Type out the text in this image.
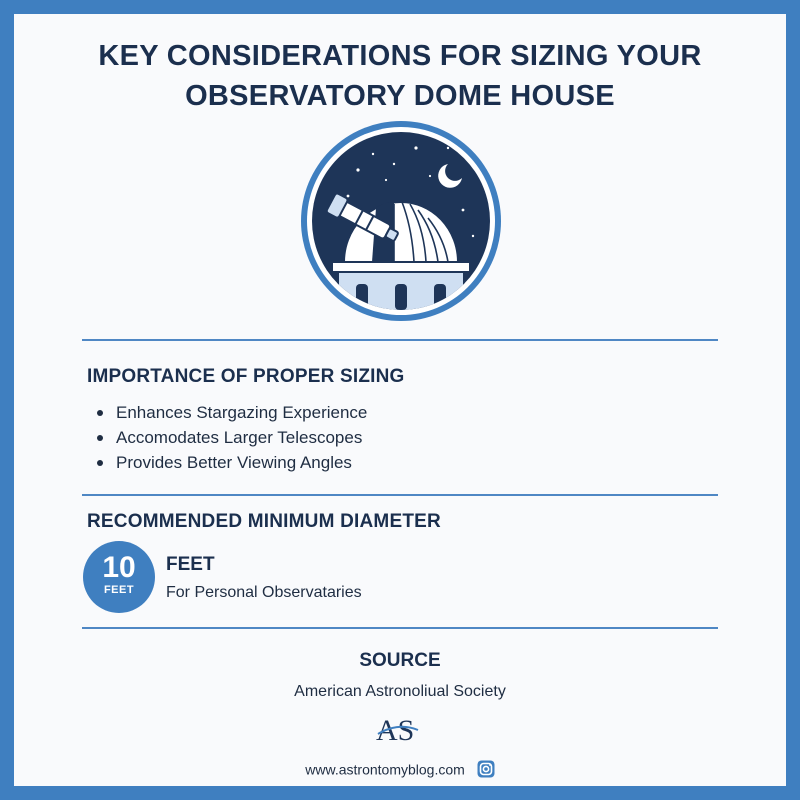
KEY CONSIDERATIONS FOR SIZING YOUR
OBSERVATORY DOME HOUSE
IMPORTANCE OF PROPER SIZING
Enhances Stargazing Experience
Accomodates Larger Telescopes
Provides Better Viewing Angles
RECOMMENDED MINIMUM DIAMETER
10
FEET
FEET
For Personal Observataries
SOURCE
American Astronoliual Society
AS
www.astrontomyblog.com
